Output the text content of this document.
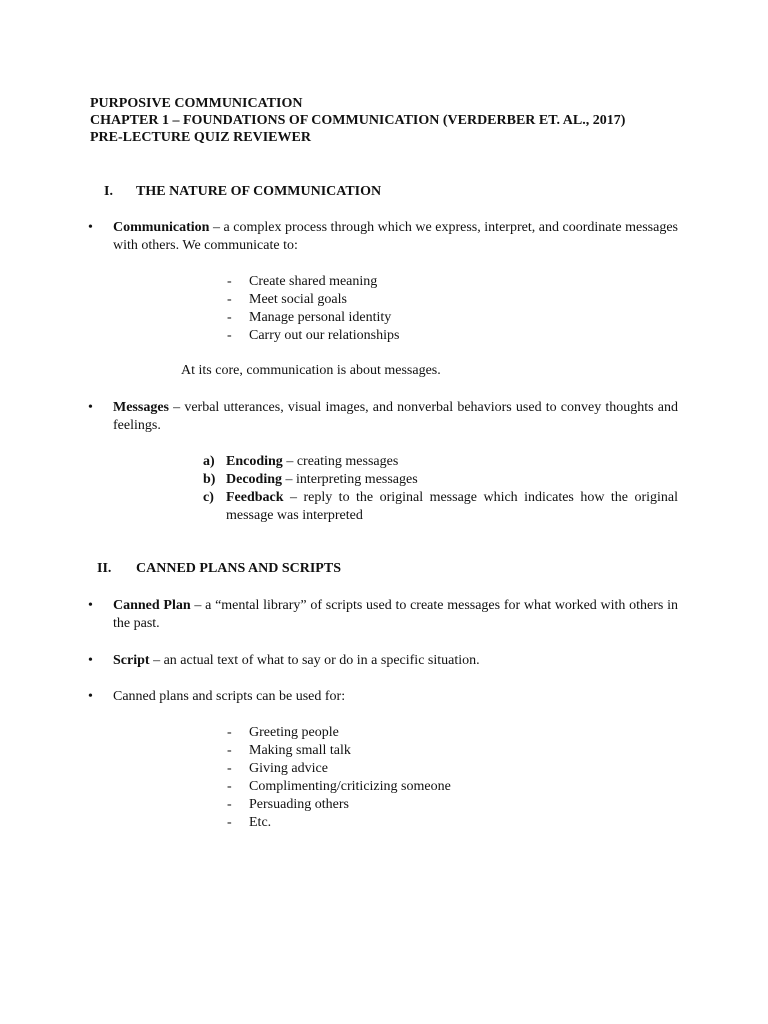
PURPOSIVE COMMUNICATION
CHAPTER 1 – FOUNDATIONS OF COMMUNICATION (VERDERBER ET. AL., 2017)
PRE-LECTURE QUIZ REVIEWER
I. THE NATURE OF COMMUNICATION
• Communication – a complex process through which we express, interpret, and coordinate messages with others. We communicate to:
- Create shared meaning
- Meet social goals
- Manage personal identity
- Carry out our relationships
At its core, communication is about messages.
• Messages – verbal utterances, visual images, and nonverbal behaviors used to convey thoughts and feelings.
a) Encoding – creating messages
b) Decoding – interpreting messages
c) Feedback – reply to the original message which indicates how the original message was interpreted
II. CANNED PLANS AND SCRIPTS
• Canned Plan – a “mental library” of scripts used to create messages for what worked with others in the past.
• Script – an actual text of what to say or do in a specific situation.
• Canned plans and scripts can be used for:
- Greeting people
- Making small talk
- Giving advice
- Complimenting/criticizing someone
- Persuading others
- Etc.
